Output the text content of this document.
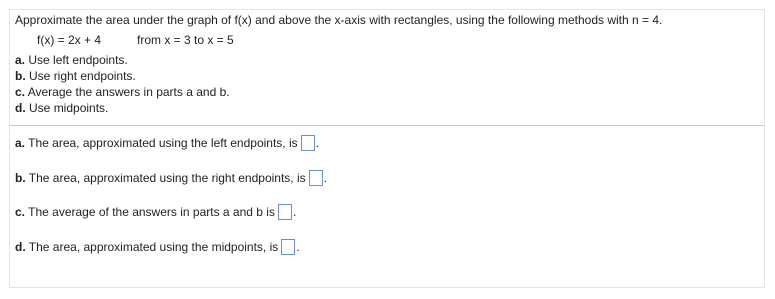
Approximate the area under the graph of f(x) and above the x-axis with rectangles, using the following methods with n = 4.
f(x) = 2x + 4	from x = 3 to x = 5
a. Use left endpoints.
b. Use right endpoints.
c. Average the answers in parts a and b.
d. Use midpoints.
a. The area, approximated using the left endpoints, is .
b. The area, approximated using the right endpoints, is .
c. The average of the answers in parts a and b is .
d. The area, approximated using the midpoints, is .
